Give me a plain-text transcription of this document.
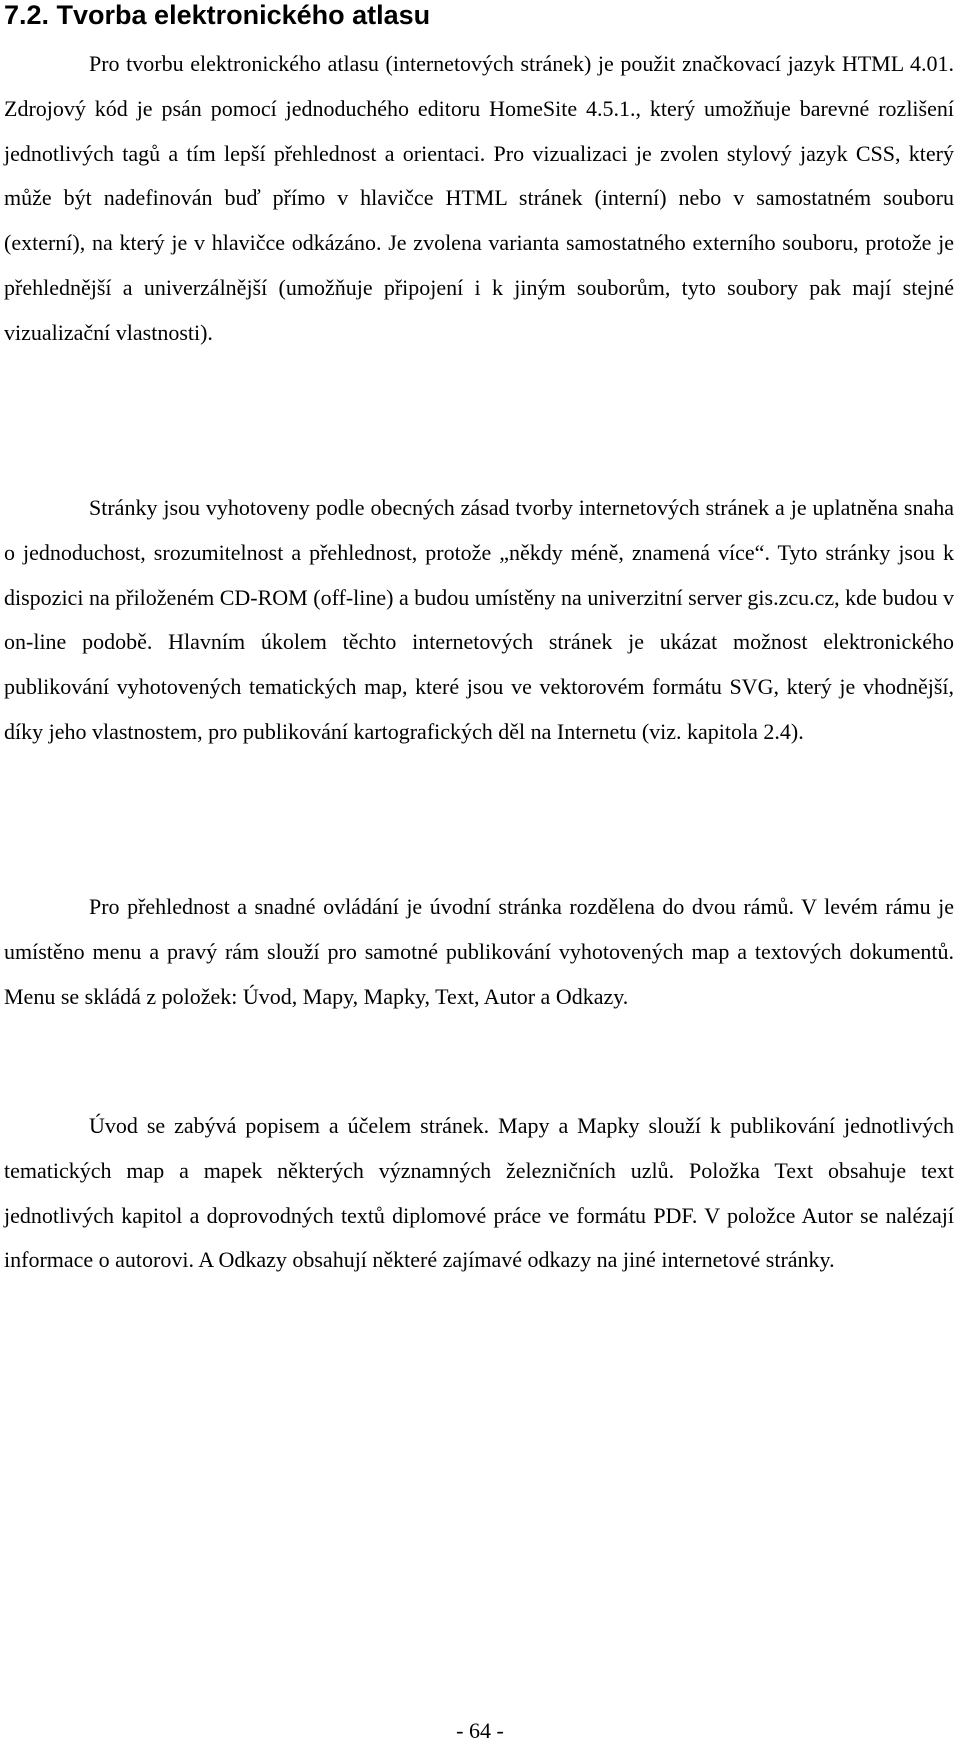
7.2. Tvorba elektronického atlasu

Pro tvorbu elektronického atlasu (internetových stránek) je použit značkovací jazyk HTML 4.01. Zdrojový kód je psán pomocí jednoduchého editoru HomeSite 4.5.1., který umožňuje barevné rozlišení jednotlivých tagů a tím lepší přehlednost a orientaci. Pro vizualizaci je zvolen stylový jazyk CSS, který může být nadefinován buď přímo v hlavičce HTML stránek (interní) nebo v samostatném souboru (externí), na který je v hlavičce odkázáno. Je zvolena varianta samostatného externího souboru, protože je přehlednější a univerzálnější (umožňuje připojení i k jiným souborům, tyto soubory pak mají stejné vizualizační vlastnosti).

Stránky jsou vyhotoveny podle obecných zásad tvorby internetových stránek a je uplatněna snaha o jednoduchost, srozumitelnost a přehlednost, protože „někdy méně, znamená více“. Tyto stránky jsou k dispozici na přiloženém CD-ROM (off-line) a budou umístěny na univerzitní server gis.zcu.cz, kde budou v on-line podobě. Hlavním úkolem těchto internetových stránek je ukázat možnost elektronického publikování vyhotovených tematických map, které jsou ve vektorovém formátu SVG, který je vhodnější, díky jeho vlastnostem, pro publikování kartografických děl na Internetu (viz. kapitola 2.4).

Pro přehlednost a snadné ovládání je úvodní stránka rozdělena do dvou rámů. V levém rámu je umístěno menu a pravý rám slouží pro samotné publikování vyhotovených map a textových dokumentů. Menu se skládá z položek: Úvod, Mapy, Mapky, Text, Autor a Odkazy.

Úvod se zabývá popisem a účelem stránek. Mapy a Mapky slouží k publikování jednotlivých tematických map a mapek některých významných železničních uzlů. Položka Text obsahuje text jednotlivých kapitol a doprovodných textů diplomové práce ve formátu PDF. V položce Autor se nalézají informace o autorovi. A Odkazy obsahují některé zajímavé odkazy na jiné internetové stránky.

- 64 -
